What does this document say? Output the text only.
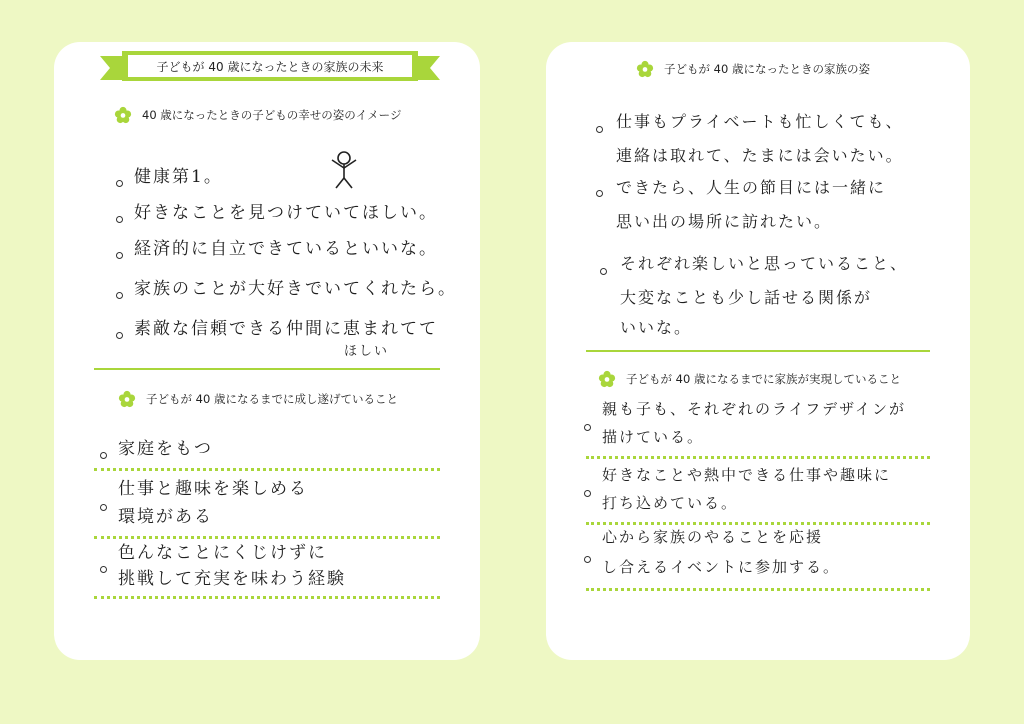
子どもが 40 歳になったときの家族の未来
40 歳になったときの子どもの幸せの姿のイメージ
健康第1。
好きなことを見つけていてほしい。
経済的に自立できているといいな。
家族のことが大好きでいてくれたら。
素敵な信頼できる仲間に恵まれてて
ほしい
子どもが 40 歳になるまでに成し遂げていること
家庭をもつ
仕事と趣味を楽しめる
環境がある
色んなことにくじけずに
挑戦して充実を味わう経験
子どもが 40 歳になったときの家族の姿
仕事もプライベートも忙しくても、
連絡は取れて、たまには会いたい。
できたら、人生の節目には一緒に
思い出の場所に訪れたい。
それぞれ楽しいと思っていること、
大変なことも少し話せる関係が
いいな。
子どもが 40 歳になるまでに家族が実現していること
親も子も、それぞれのライフデザインが
描けている。
好きなことや熱中できる仕事や趣味に
打ち込めている。
心から家族のやることを応援
し合えるイベントに参加する。
